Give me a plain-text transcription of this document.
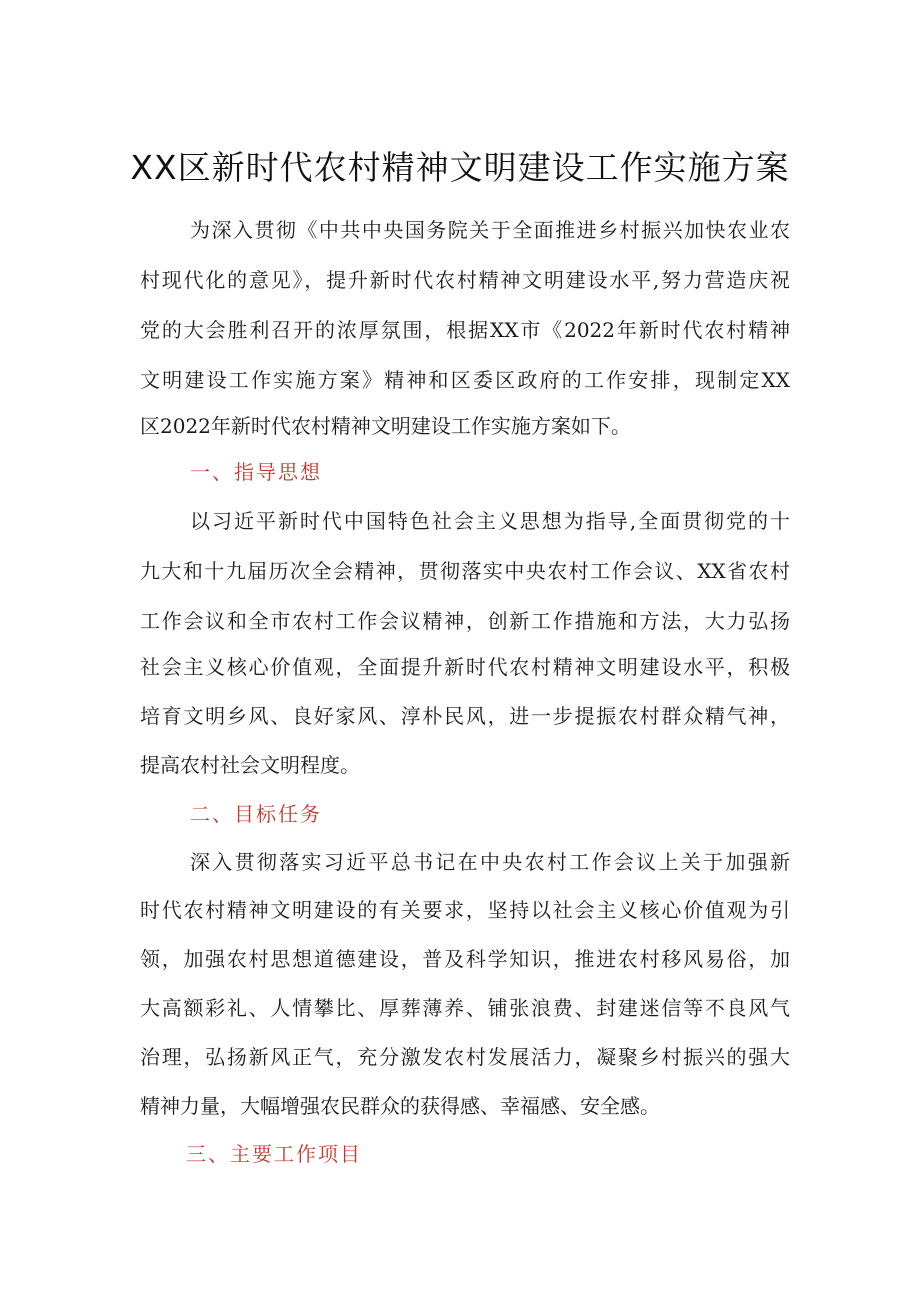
XX区新时代农村精神文明建设工作实施方案
为深入贯彻《中共中央国务院关于全面推进乡村振兴加快农业农
村现代化的意见》，提升新时代农村精神文明建设水平,努力营造庆祝
党的大会胜利召开的浓厚氛围，根据XX市《2022年新时代农村精神
文明建设工作实施方案》精神和区委区政府的工作安排，现制定XX
区2022年新时代农村精神文明建设工作实施方案如下。
一、指导思想
以习近平新时代中国特色社会主义思想为指导,全面贯彻党的十
九大和十九届历次全会精神，贯彻落实中央农村工作会议、XX省农村
工作会议和全市农村工作会议精神，创新工作措施和方法，大力弘扬
社会主义核心价值观，全面提升新时代农村精神文明建设水平，积极
培育文明乡风、良好家风、淳朴民风，进一步提振农村群众精气神，
提高农村社会文明程度。
二、目标任务
深入贯彻落实习近平总书记在中央农村工作会议上关于加强新
时代农村精神文明建设的有关要求，坚持以社会主义核心价值观为引
领，加强农村思想道德建设，普及科学知识，推进农村移风易俗，加
大高额彩礼、人情攀比、厚葬薄养、铺张浪费、封建迷信等不良风气
治理，弘扬新风正气，充分激发农村发展活力，凝聚乡村振兴的强大
精神力量，大幅增强农民群众的获得感、幸福感、安全感。
三、主要工作项目
